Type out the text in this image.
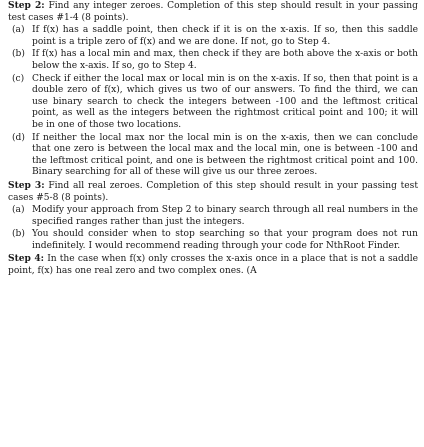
Step 2: Find any integer zeroes. Completion of this step should result in your passing test cases #1-4 (8 points).

(a) If f(x) has a saddle point, then check if it is on the x-axis. If so, then this saddle point is a triple zero of f(x) and we are done. If not, go to Step 4.
(b) If f(x) has a local min and max, then check if they are both above the x-axis or both below the x-axis. If so, go to Step 4.
(c) Check if either the local max or local min is on the x-axis. If so, then that point is a double zero of f(x), which gives us two of our answers. To find the third, we can use binary search to check the integers between -100 and the leftmost critical point, as well as the integers between the rightmost critical point and 100; it will be in one of those two locations.
(d) If neither the local max nor the local min is on the x-axis, then we can conclude that one zero is between the local max and the local min, one is between -100 and the leftmost critical point, and one is between the rightmost critical point and 100. Binary searching for all of these will give us our three zeroes.

Step 3: Find all real zeroes. Completion of this step should result in your passing test cases #5-8 (8 points).

(a) Modify your approach from Step 2 to binary search through all real numbers in the specified ranges rather than just the integers.
(b) You should consider when to stop searching so that your program does not run indefinitely. I would recommend reading through your code for NthRoot Finder.

Step 4: In the case when f(x) only crosses the x-axis once in a place that is not a saddle point, f(x) has one real zero and two complex ones. (A
